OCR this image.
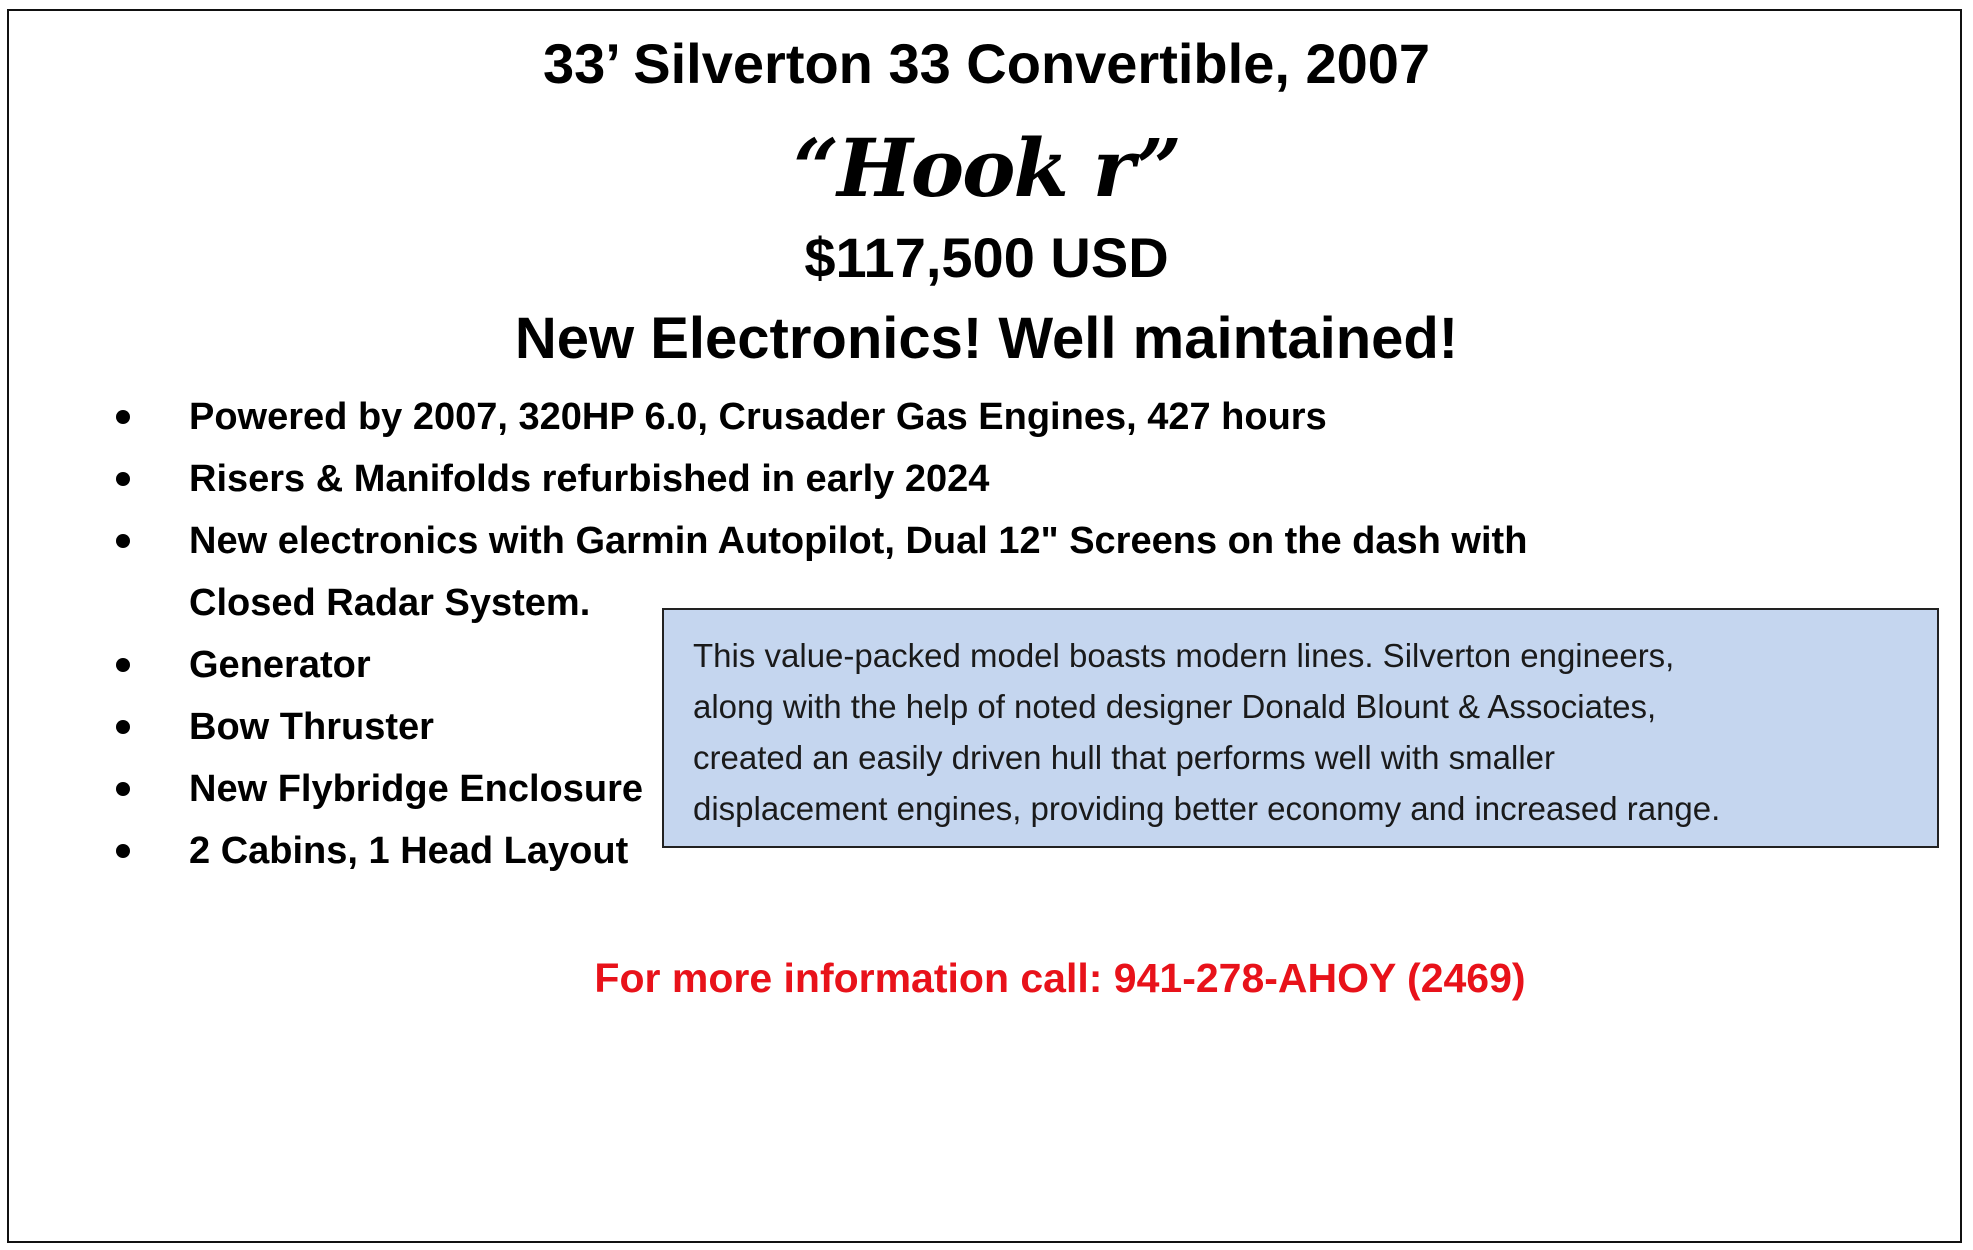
33’ Silverton 33 Convertible, 2007
“Hook r”
$117,500 USD
New Electronics! Well maintained!
Powered by 2007, 320HP 6.0, Crusader Gas Engines, 427 hours
Risers & Manifolds refurbished in early 2024
New electronics with Garmin Autopilot, Dual 12" Screens on the dash with
Closed Radar System.
Generator
Bow Thruster
New Flybridge Enclosure
2 Cabins, 1 Head Layout
This value-packed model boasts modern lines. Silverton engineers,
along with the help of noted designer Donald Blount & Associates,
created an easily driven hull that performs well with smaller
displacement engines, providing better economy and increased range.
For more information call: 941-278-AHOY (2469)
